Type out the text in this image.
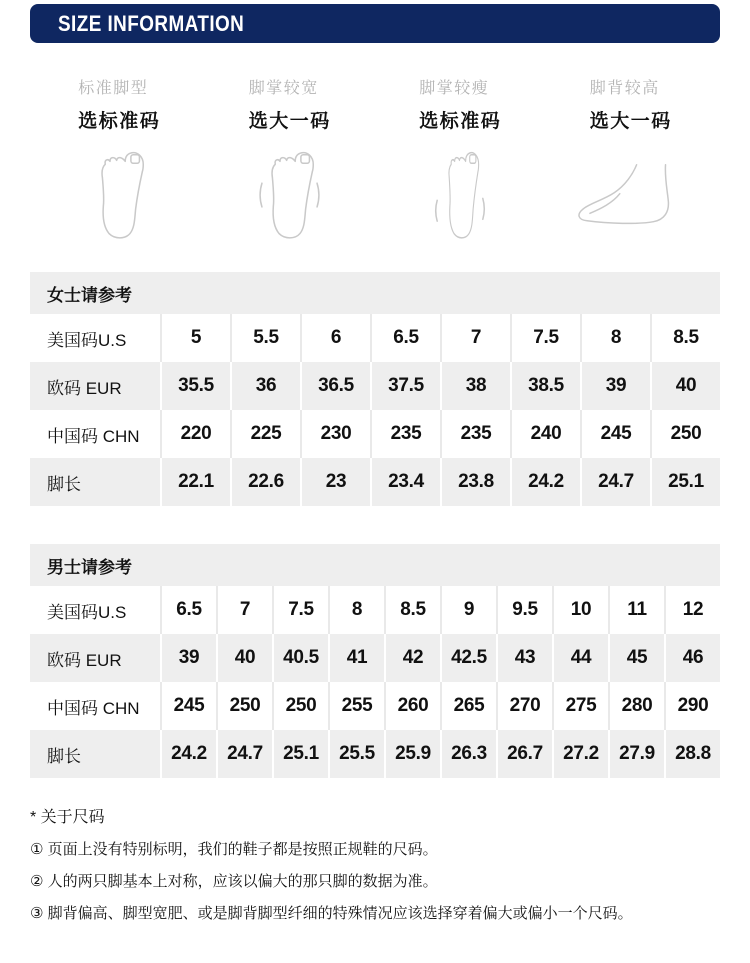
SIZE INFORMATION
标准脚型
选标准码
脚掌较宽
选大一码
脚掌较瘦
选标准码
脚背较高
选大一码
女士请参考
美国码U.S	5	5.5	6	6.5	7	7.5	8	8.5
欧码 EUR	35.5	36	36.5	37.5	38	38.5	39	40
中国码 CHN	220	225	230	235	235	240	245	250
脚长	22.1	22.6	23	23.4	23.8	24.2	24.7	25.1
男士请参考
美国码U.S	6.5	7	7.5	8	8.5	9	9.5	10	11	12
欧码 EUR	39	40	40.5	41	42	42.5	43	44	45	46
中国码 CHN	245	250	250	255	260	265	270	275	280	290
脚长	24.2	24.7	25.1	25.5	25.9	26.3	26.7	27.2	27.9	28.8
* 关于尺码
① 页面上没有特别标明，我们的鞋子都是按照正规鞋的尺码。
② 人的两只脚基本上对称，应该以偏大的那只脚的数据为准。
③ 脚背偏高、脚型宽肥、或是脚背脚型纤细的特殊情况应该选择穿着偏大或偏小一个尺码。
